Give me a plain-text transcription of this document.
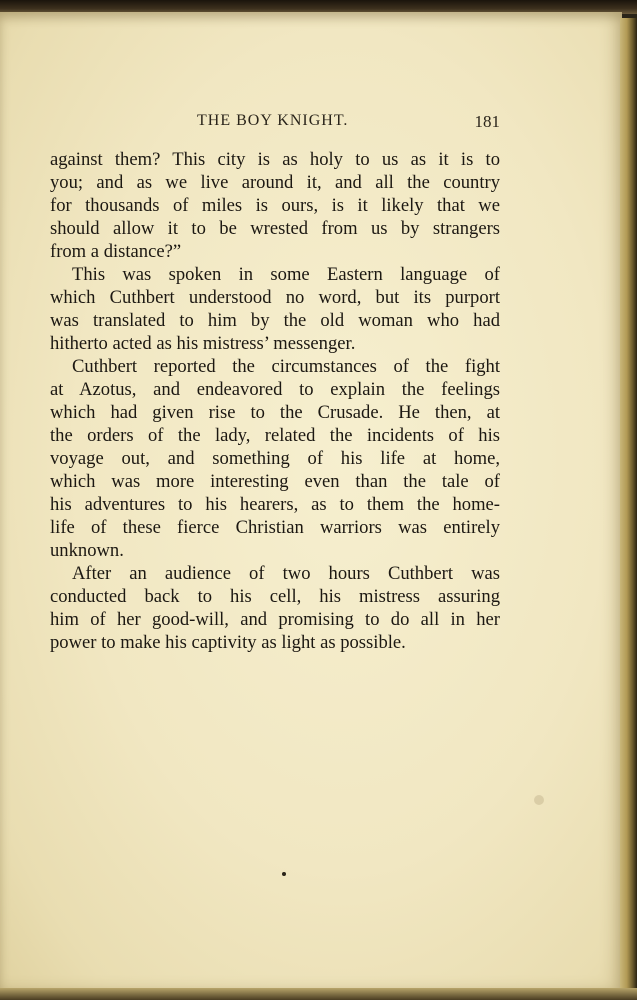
THE BOY KNIGHT.	181
against them? This city is as holy to us as it is to
you; and as we live around it, and all the country
for thousands of miles is ours, is it likely that we
should allow it to be wrested from us by strangers
from a distance?”
This was spoken in some Eastern language of
which Cuthbert understood no word, but its purport
was translated to him by the old woman who had
hitherto acted as his mistress’ messenger.
Cuthbert reported the circumstances of the fight
at Azotus, and endeavored to explain the feelings
which had given rise to the Crusade. He then, at
the orders of the lady, related the incidents of his
voyage out, and something of his life at home,
which was more interesting even than the tale of
his adventures to his hearers, as to them the home-
life of these fierce Christian warriors was entirely
unknown.
After an audience of two hours Cuthbert was
conducted back to his cell, his mistress assuring
him of her good-will, and promising to do all in her
power to make his captivity as light as possible.
